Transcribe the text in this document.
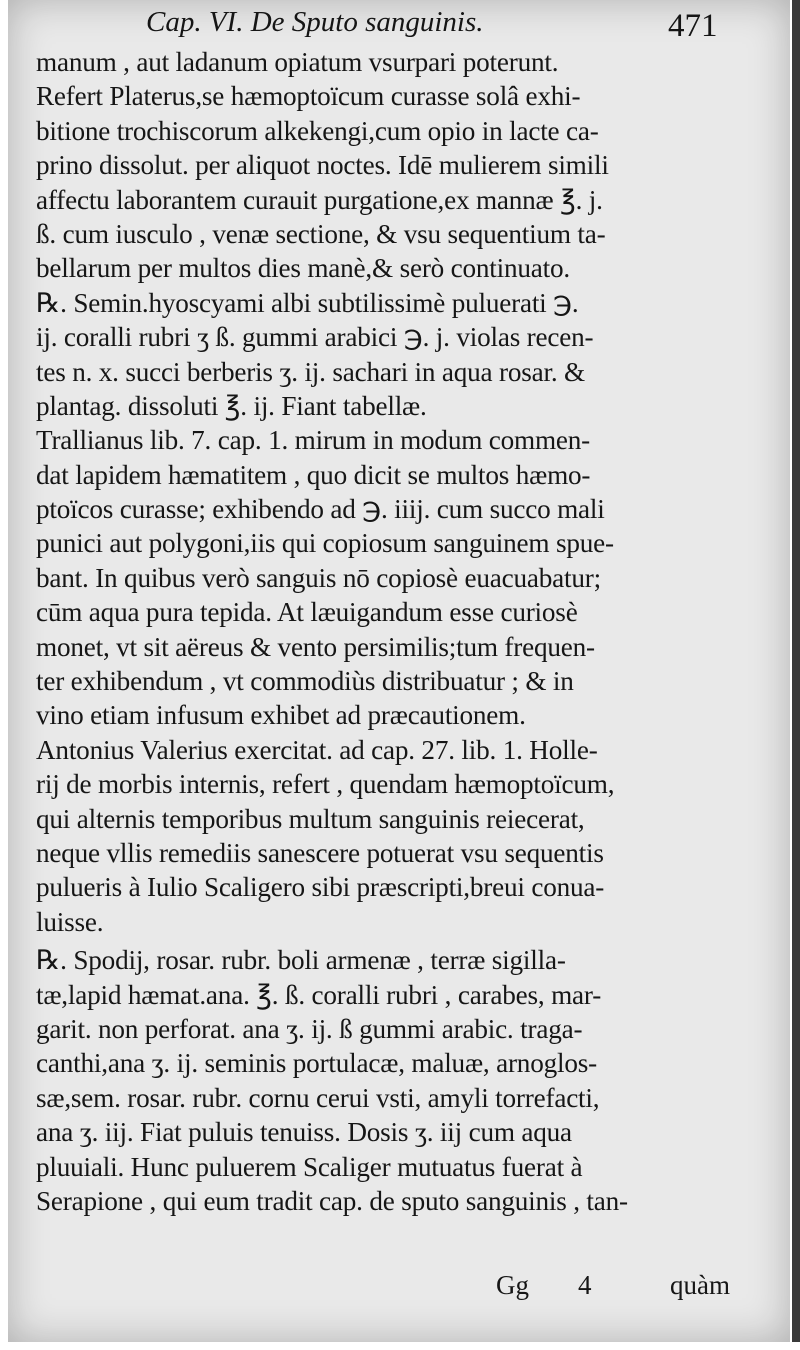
Cap. VI. De Sputo sanguinis.	471
manum , aut ladanum opiatum vsurpari poterunt.
Refert Platerus,se hæmoptoïcum curasse solâ exhi-
bitione trochiscorum alkekengi,cum opio in lacte ca-
prino dissolut. per aliquot noctes. Idē mulierem simili
affectu laborantem curauit purgatione,ex mannæ ℥. j.
ß. cum iusculo , venæ sectione, & vsu sequentium ta-
bellarum per multos dies manè,& serò continuato.
℞. Semin.hyoscyami albi subtilissimè puluerati ℈.
ij. coralli rubri ʒ ß. gummi arabici ℈. j. violas recen-
tes n. x. succi berberis ʒ. ij. sachari in aqua rosar. &
plantag. dissoluti ℥. ij. Fiant tabellæ.
Trallianus lib. 7. cap. 1. mirum in modum commen-
dat lapidem hæmatitem , quo dicit se multos hæmo-
ptoïcos curasse; exhibendo ad ℈. iiij. cum succo mali
punici aut polygoni,iis qui copiosum sanguinem spue-
bant. In quibus verò sanguis nō copiosè euacuabatur;
cūm aqua pura tepida. At læuigandum esse curiosè
monet, vt sit aëreus & vento persimilis;tum frequen-
ter exhibendum , vt commodiùs distribuatur ; & in
vino etiam infusum exhibet ad præcautionem.
Antonius Valerius exercitat. ad cap. 27. lib. 1. Holle-
rij de morbis internis, refert , quendam hæmoptoïcum,
qui alternis temporibus multum sanguinis reiecerat,
neque vllis remediis sanescere potuerat vsu sequentis
pulueris à Iulio Scaligero sibi præscripti,breui conua-
luisse.
℞. Spodij, rosar. rubr. boli armenæ , terræ sigilla-
tæ,lapid hæmat.ana. ℥. ß. coralli rubri , carabes, mar-
garit. non perforat. ana ʒ. ij. ß gummi arabic. traga-
canthi,ana ʒ. ij. seminis portulacæ, maluæ, arnoglos-
sæ,sem. rosar. rubr. cornu cerui vsti, amyli torrefacti,
ana ʒ. iij. Fiat puluis tenuiss. Dosis ʒ. iij cum aqua
pluuiali. Hunc puluerem Scaliger mutuatus fuerat à
Serapione , qui eum tradit cap. de sputo sanguinis , tan-
Gg 4	quàm
